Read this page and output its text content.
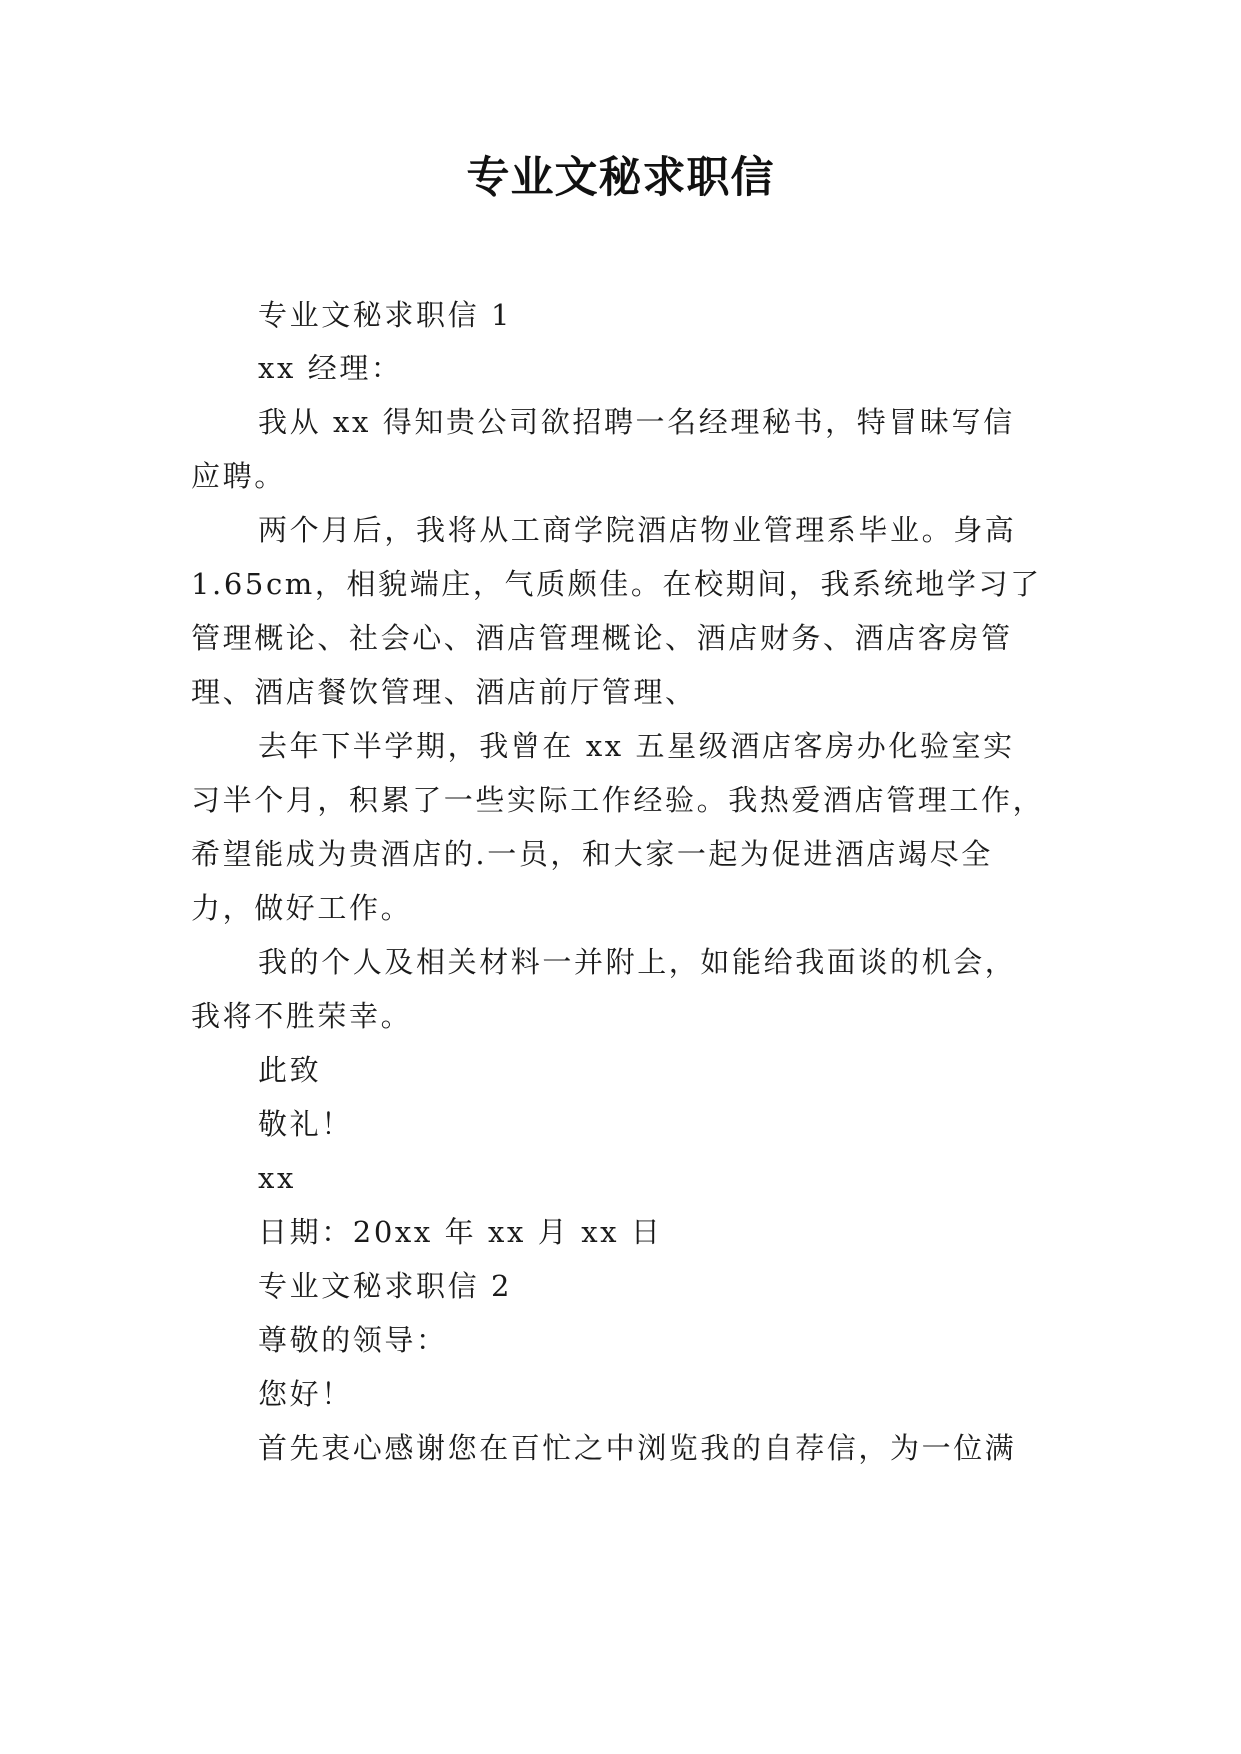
专业文秘求职信
专业文秘求职信 1
xx 经理：
我从 xx 得知贵公司欲招聘一名经理秘书，特冒昧写信
应聘。
两个月后，我将从工商学院酒店物业管理系毕业。身高
1.65cm，相貌端庄，气质颇佳。在校期间，我系统地学习了
管理概论、社会心、酒店管理概论、酒店财务、酒店客房管
理、酒店餐饮管理、酒店前厅管理、
去年下半学期，我曾在 xx 五星级酒店客房办化验室实
习半个月，积累了一些实际工作经验。我热爱酒店管理工作，
希望能成为贵酒店的.一员，和大家一起为促进酒店竭尽全
力，做好工作。
我的个人及相关材料一并附上，如能给我面谈的机会，
我将不胜荣幸。
此致
敬礼！
xx
日期：20xx 年 xx 月 xx 日
专业文秘求职信 2
尊敬的领导：
您好！
首先衷心感谢您在百忙之中浏览我的自荐信，为一位满
